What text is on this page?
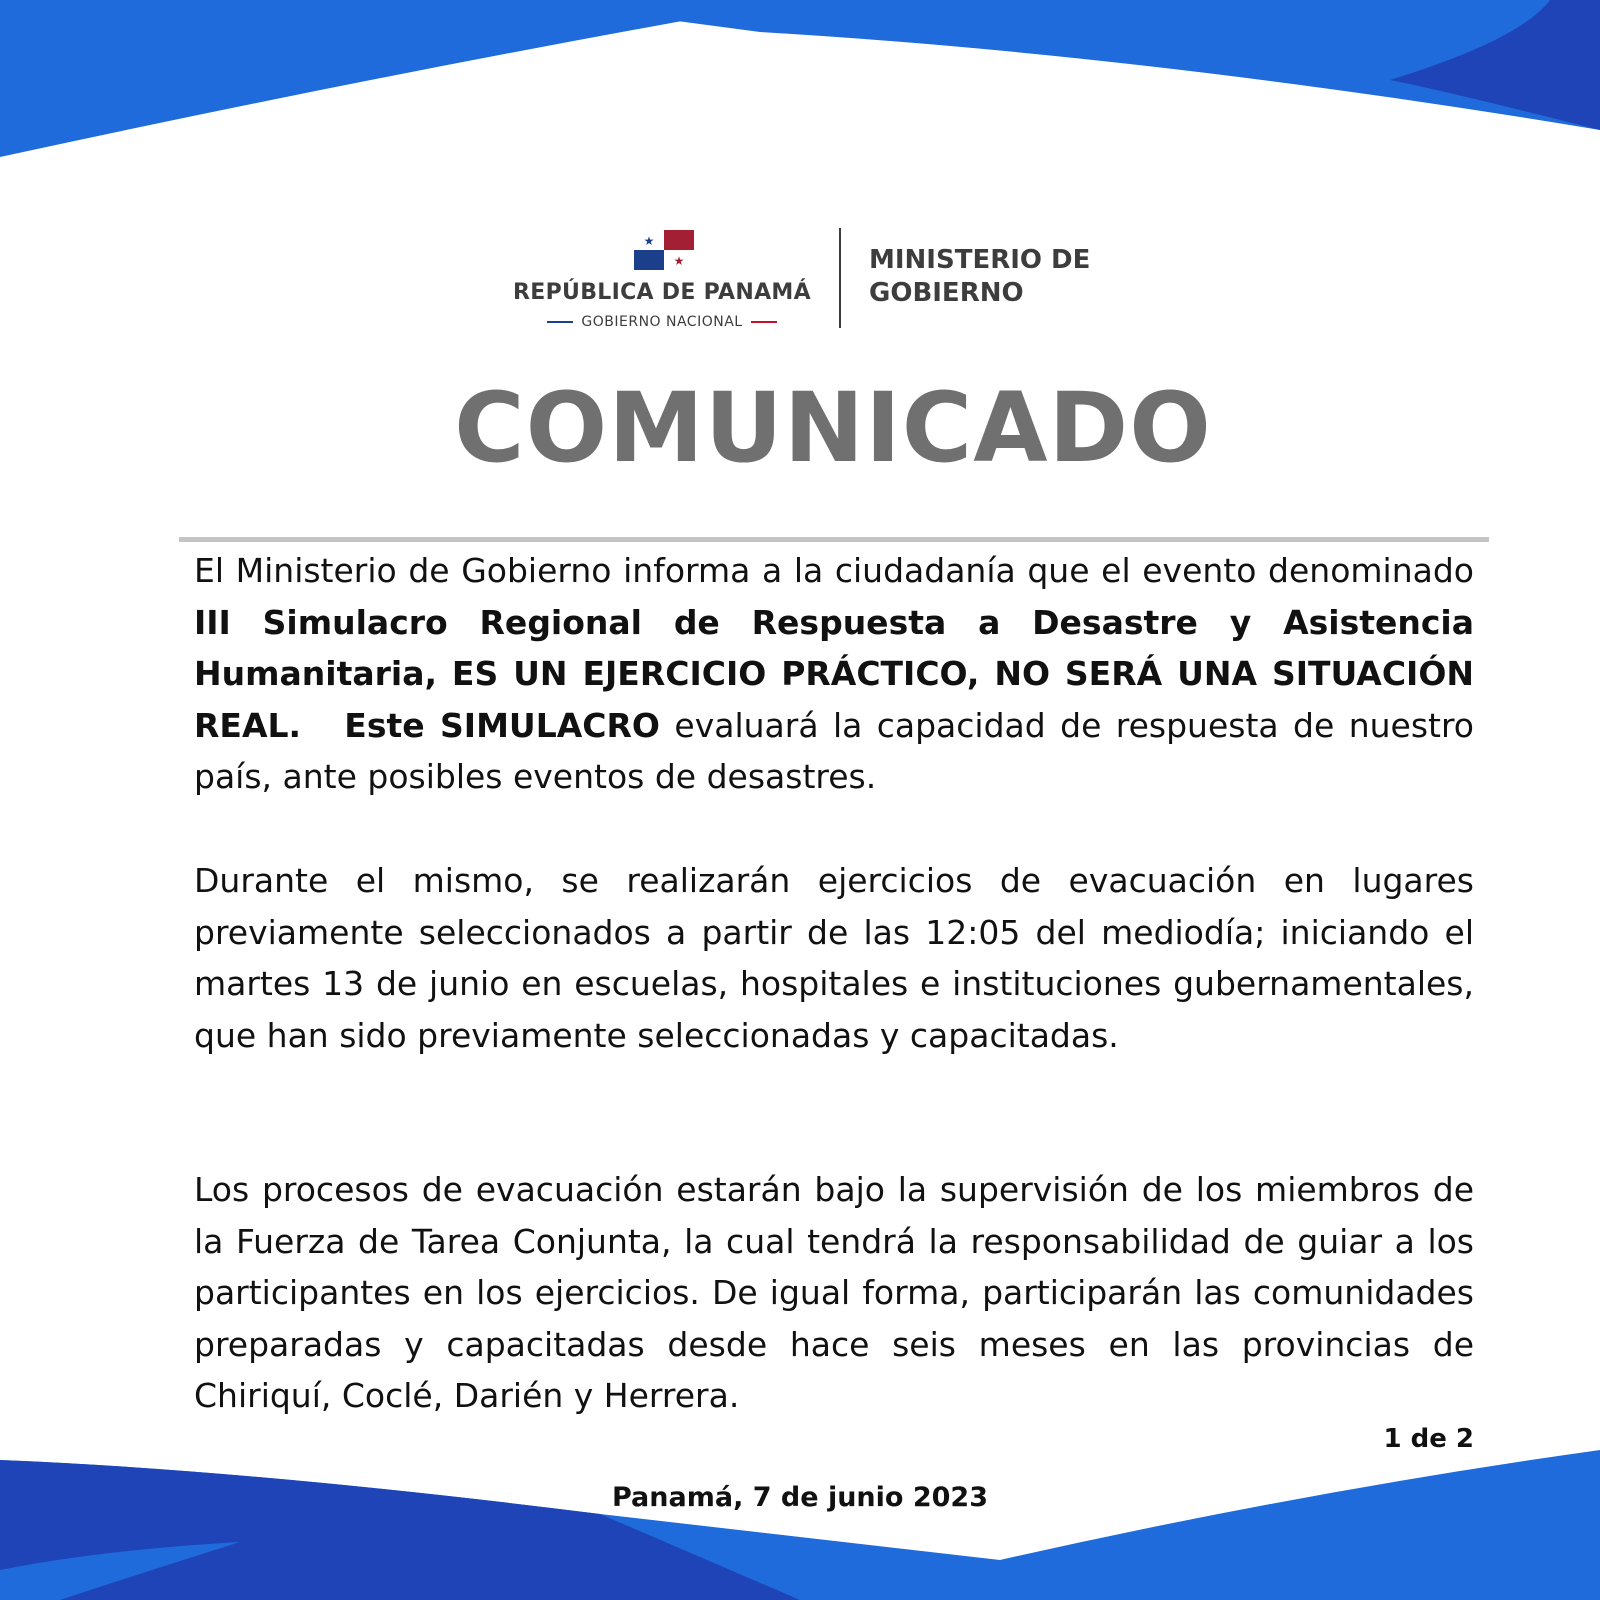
★
★
REPÚBLICA DE PANAMÁ
GOBIERNO NACIONAL
MINISTERIO DE
GOBIERNO
COMUNICADO

El Ministerio de Gobierno informa a la ciudadanía que el evento denominado III Simulacro Regional de Respuesta a Desastre y Asistencia Humanitaria, ES UN EJERCICIO PRÁCTICO, NO SERÁ UNA SITUACIÓN REAL. Este SIMULACRO evaluará la capacidad de respuesta de nuestro país, ante posibles eventos de desastres.

Durante el mismo, se realizarán ejercicios de evacuación en lugares previamente seleccionados a partir de las 12:05 del mediodía; iniciando el martes 13 de junio en escuelas, hospitales e instituciones gubernamentales, que han sido previamente seleccionadas y capacitadas.

Los procesos de evacuación estarán bajo la supervisión de los miembros de la Fuerza de Tarea Conjunta, la cual tendrá la responsabilidad de guiar a los participantes en los ejercicios. De igual forma, participarán las comunidades preparadas y capacitadas desde hace seis meses en las provincias de Chiriquí, Coclé, Darién y Herrera.

1 de 2
Panamá, 7 de junio 2023
